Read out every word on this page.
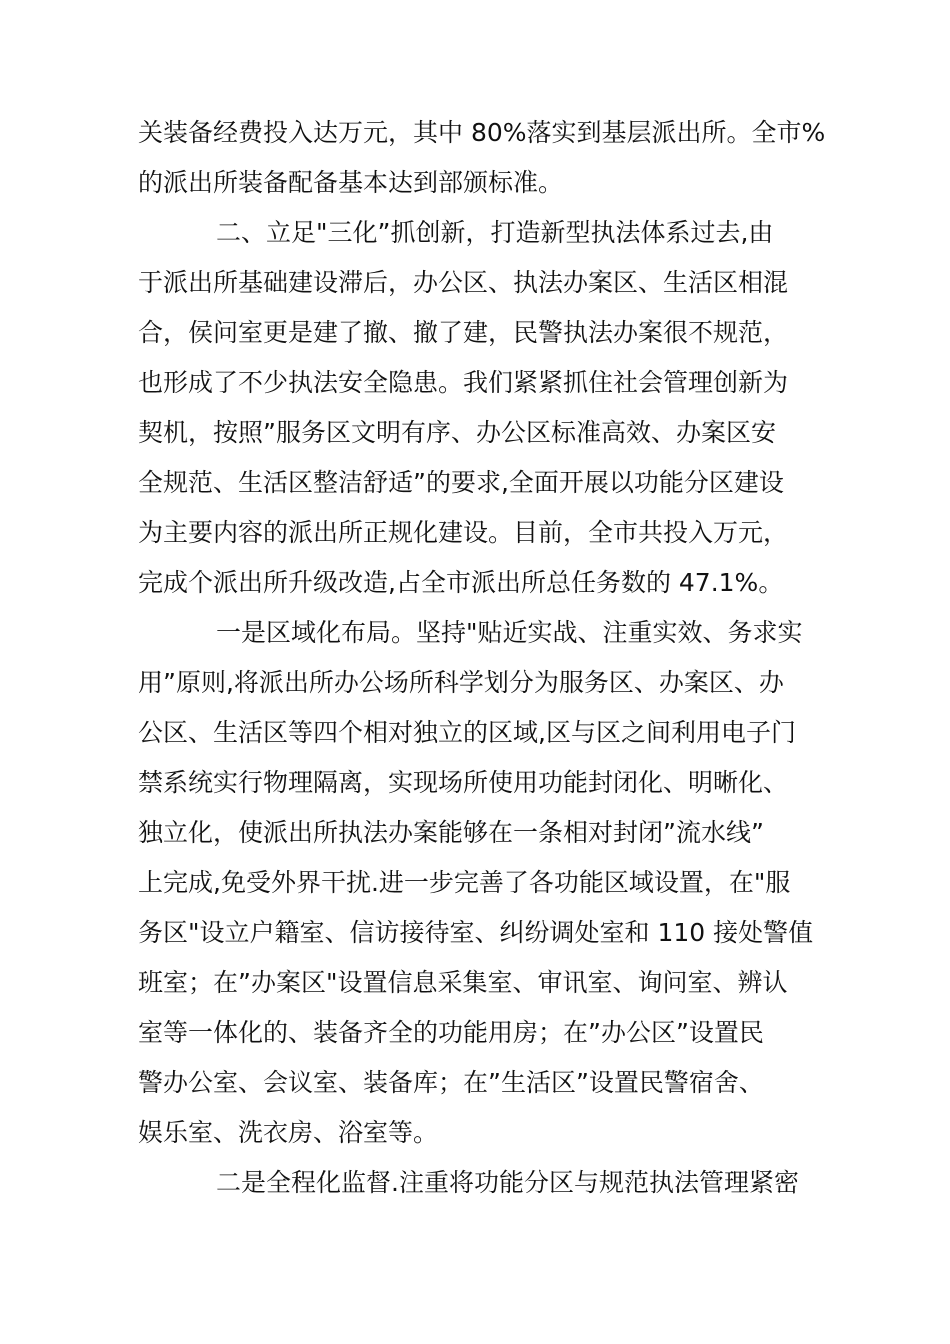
关装备经费投入达万元，其中 80%落实到基层派出所。全市%
的派出所装备配备基本达到部颁标准。
二、立足"三化”抓创新，打造新型执法体系过去,由
于派出所基础建设滞后，办公区、执法办案区、生活区相混
合，侯问室更是建了撤、撤了建，民警执法办案很不规范，
也形成了不少执法安全隐患。我们紧紧抓住社会管理创新为
契机，按照”服务区文明有序、办公区标准高效、办案区安
全规范、生活区整洁舒适”的要求,全面开展以功能分区建设
为主要内容的派出所正规化建设。目前，全市共投入万元，
完成个派出所升级改造,占全市派出所总任务数的 47.1%。
一是区域化布局。坚持"贴近实战、注重实效、务求实
用”原则,将派出所办公场所科学划分为服务区、办案区、办
公区、生活区等四个相对独立的区域,区与区之间利用电子门
禁系统实行物理隔离，实现场所使用功能封闭化、明晰化、
独立化，使派出所执法办案能够在一条相对封闭”流水线”
上完成,免受外界干扰.进一步完善了各功能区域设置，在"服
务区"设立户籍室、信访接待室、纠纷调处室和 110 接处警值
班室；在”办案区"设置信息采集室、审讯室、询问室、辨认
室等一体化的、装备齐全的功能用房；在”办公区”设置民
警办公室、会议室、装备库；在”生活区”设置民警宿舍、
娱乐室、洗衣房、浴室等。
二是全程化监督.注重将功能分区与规范执法管理紧密
